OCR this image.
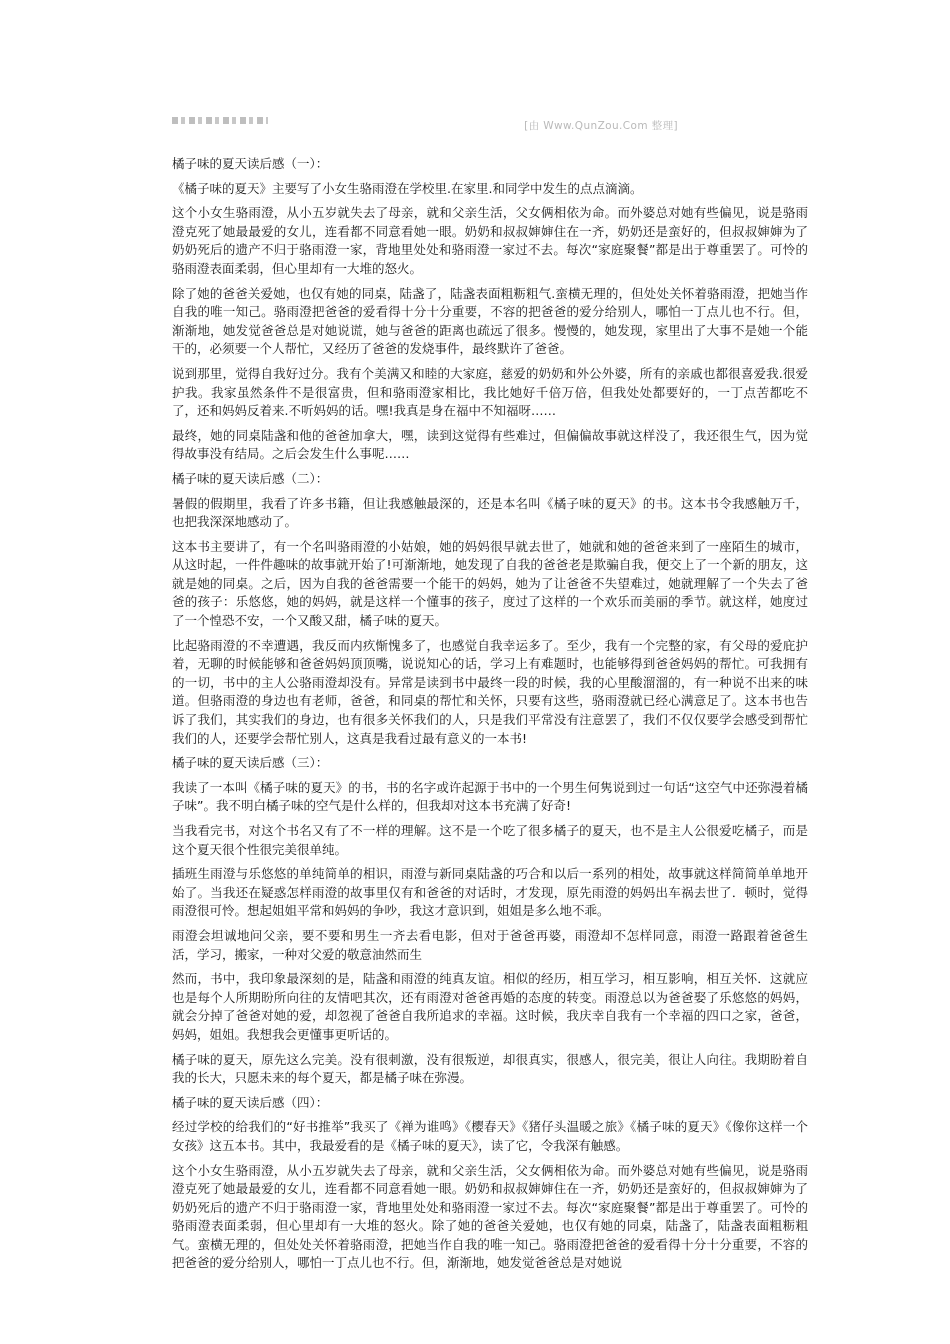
[由 Www.QunZou.Com 整理]

橘子味的夏天读后感（一）：

《橘子味的夏天》主要写了小女生骆雨澄在学校里.在家里.和同学中发生的点点滴滴。

这个小女生骆雨澄，从小五岁就失去了母亲，就和父亲生活，父女俩相依为命。而外婆总对她有些偏见，说是骆雨澄克死了她最最爱的女儿，连看都不同意看她一眼。奶奶和叔叔婶婶住在一齐，奶奶还是蛮好的，但叔叔婶婶为了奶奶死后的遗产不归于骆雨澄一家，背地里处处和骆雨澄一家过不去。每次“家庭聚餐”都是出于尊重罢了。可怜的骆雨澄表面柔弱，但心里却有一大堆的怒火。

除了她的爸爸关爱她，也仅有她的同桌，陆盏了，陆盏表面粗粝粗气.蛮横无理的，但处处关怀着骆雨澄，把她当作自我的唯一知己。骆雨澄把爸爸的爱看得十分十分重要，不容的把爸爸的爱分给别人，哪怕一丁点儿也不行。但，渐渐地，她发觉爸爸总是对她说谎，她与爸爸的距离也疏远了很多。慢慢的，她发现，家里出了大事不是她一个能干的，必须要一个人帮忙，又经历了爸爸的发烧事件，最终默许了爸爸。

说到那里，觉得自我好过分。我有个美满又和睦的大家庭，慈爱的奶奶和外公外婆，所有的亲戚也都很喜爱我.很爱护我。我家虽然条件不是很富贵，但和骆雨澄家相比，我比她好千倍万倍，但我处处都要好的，一丁点苦都吃不了，还和妈妈反着来.不听妈妈的话。嘿!我真是身在福中不知福呀……

最终，她的同桌陆盏和他的爸爸加拿大，嘿，读到这觉得有些难过，但偏偏故事就这样没了，我还很生气，因为觉得故事没有结局。之后会发生什么事呢……

橘子味的夏天读后感（二）：

暑假的假期里，我看了许多书籍，但让我感触最深的，还是本名叫《橘子味的夏天》的书。这本书令我感触万千，也把我深深地感动了。

这本书主要讲了，有一个名叫骆雨澄的小姑娘，她的妈妈很早就去世了，她就和她的爸爸来到了一座陌生的城市，从这时起，一件件趣味的故事就开始了!可渐渐地，她发现了自我的爸爸老是欺骗自我，便交上了一个新的朋友，这就是她的同桌。之后，因为自我的爸爸需要一个能干的妈妈，她为了让爸爸不失望难过，她就理解了一个失去了爸爸的孩子：乐悠悠，她的妈妈，就是这样一个懂事的孩子，度过了这样的一个欢乐而美丽的季节。就这样，她度过了一个惶恐不安，一个又酸又甜，橘子味的夏天。

比起骆雨澄的不幸遭遇，我反而内疚惭愧多了，也感觉自我幸运多了。至少，我有一个完整的家，有父母的爱庇护着，无聊的时候能够和爸爸妈妈顶顶嘴，说说知心的话，学习上有难题时，也能够得到爸爸妈妈的帮忙。可我拥有的一切，书中的主人公骆雨澄却没有。异常是读到书中最终一段的时候，我的心里酸溜溜的，有一种说不出来的味道。但骆雨澄的身边也有老师，爸爸，和同桌的帮忙和关怀，只要有这些，骆雨澄就已经心满意足了。这本书也告诉了我们，其实我们的身边，也有很多关怀我们的人，只是我们平常没有注意罢了，我们不仅仅要学会感受到帮忙我们的人，还要学会帮忙别人，这真是我看过最有意义的一本书!

橘子味的夏天读后感（三）：

我读了一本叫《橘子味的夏天》的书，书的名字或许起源于书中的一个男生何隽说到过一句话“这空气中还弥漫着橘子味”。我不明白橘子味的空气是什么样的，但我却对这本书充满了好奇!

当我看完书，对这个书名又有了不一样的理解。这不是一个吃了很多橘子的夏天，也不是主人公很爱吃橘子，而是这个夏天很个性很完美很单纯。

插班生雨澄与乐悠悠的单纯简单的相识，雨澄与新同桌陆盏的巧合和以后一系列的相处，故事就这样简简单单地开始了。当我还在疑惑怎样雨澄的故事里仅有和爸爸的对话时，才发现，原先雨澄的妈妈出车祸去世了．顿时，觉得雨澄很可怜。想起姐姐平常和妈妈的争吵，我这才意识到，姐姐是多么地不乖。

雨澄会坦诚地问父亲，要不要和男生一齐去看电影，但对于爸爸再婆，雨澄却不怎样同意，雨澄一路跟着爸爸生活，学习，搬家，一种对父爱的敬意油然而生

然而，书中，我印象最深刻的是，陆盏和雨澄的纯真友谊。相似的经历，相互学习，相互影响，相互关怀．这就应也是每个人所期盼所向往的友情吧其次，还有雨澄对爸爸再婚的态度的转变。雨澄总以为爸爸娶了乐悠悠的妈妈，就会分掉了爸爸对她的爱，却忽视了爸爸自我所追求的幸福。这时候，我庆幸自我有一个幸福的四口之家，爸爸，妈妈，姐姐。我想我会更懂事更听话的。

橘子味的夏天，原先这么完美。没有很刺激，没有很叛逆，却很真实，很感人，很完美，很让人向往。我期盼着自我的长大，只愿未来的每个夏天，都是橘子味在弥漫。

橘子味的夏天读后感（四）：

经过学校的给我们的“好书推举”我买了《禅为谁鸣》《樱春天》《猪仔头温暖之旅》《橘子味的夏天》《像你这样一个女孩》这五本书。其中，我最爱看的是《橘子味的夏天》，读了它，令我深有触感。

这个小女生骆雨澄，从小五岁就失去了母亲，就和父亲生活，父女俩相依为命。而外婆总对她有些偏见，说是骆雨澄克死了她最最爱的女儿，连看都不同意看她一眼。奶奶和叔叔婶婶住在一齐，奶奶还是蛮好的，但叔叔婶婶为了奶奶死后的遗产不归于骆雨澄一家，背地里处处和骆雨澄一家过不去。每次“家庭聚餐”都是出于尊重罢了。可怜的骆雨澄表面柔弱，但心里却有一大堆的怒火。除了她的爸爸关爱她，也仅有她的同桌，陆盏了，陆盏表面粗粝粗气。蛮横无理的，但处处关怀着骆雨澄，把她当作自我的唯一知己。骆雨澄把爸爸的爱看得十分十分重要，不容的把爸爸的爱分给别人，哪怕一丁点儿也不行。但，渐渐地，她发觉爸爸总是对她说
